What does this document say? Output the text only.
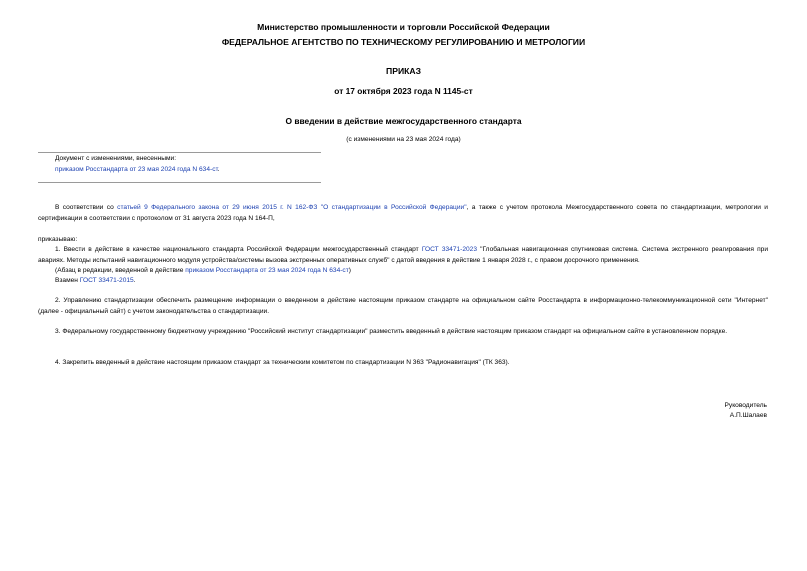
Министерство промышленности и торговли Российской Федерации
ФЕДЕРАЛЬНОЕ АГЕНТСТВО ПО ТЕХНИЧЕСКОМУ РЕГУЛИРОВАНИЮ И МЕТРОЛОГИИ
ПРИКАЗ
от 17 октября 2023 года N 1145-ст
О введении в действие межгосударственного стандарта
(с изменениями на 23 мая 2024 года)
Документ с изменениями, внесенными:
приказом Росстандарта от 23 мая 2024 года N 634-ст.
В соответствии со статьей 9 Федерального закона от 29 июня 2015 г. N 162-ФЗ "О стандартизации в Российской Федерации", а также с учетом протокола Межгосударственного совета по стандартизации, метрологии и сертификации в соответствии с протоколом от 31 августа 2023 года N 164-П,
приказываю:
1. Ввести в действие в качестве национального стандарта Российской Федерации межгосударственный стандарт ГОСТ 33471-2023 "Глобальная навигационная спутниковая система. Система экстренного реагирования при авариях. Методы испытаний навигационного модуля устройства/системы вызова экстренных оперативных служб" с датой введения в действие 1 января 2028 г., с правом досрочного применения.
(Абзац в редакции, введенной в действие приказом Росстандарта от 23 мая 2024 года N 634-ст)
Взамен ГОСТ 33471-2015.
2. Управлению стандартизации обеспечить размещение информации о введенном в действие настоящим приказом стандарте на официальном сайте Росстандарта в информационно-телекоммуникационной сети "Интернет" (далее - официальный сайт) с учетом законодательства о стандартизации.
3. Федеральному государственному бюджетному учреждению "Российский институт стандартизации" разместить введенный в действие настоящим приказом стандарт на официальном сайте в установленном порядке.
4. Закрепить введенный в действие настоящим приказом стандарт за техническим комитетом по стандартизации N 363 "Радионавигация" (ТК 363).
Руководитель
А.П.Шалаев
